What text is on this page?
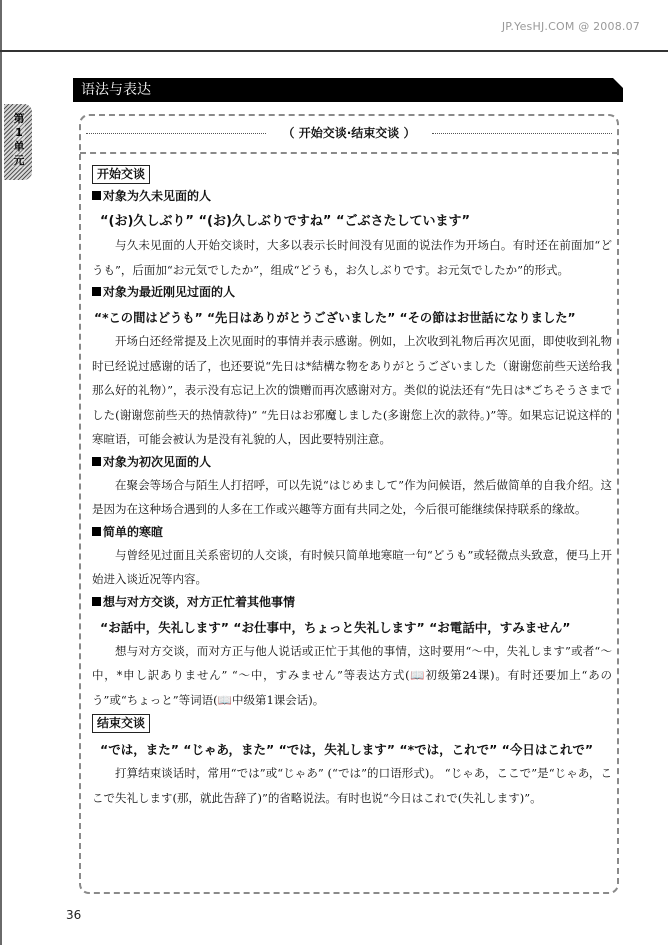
JP.YesHJ.COM @ 2008.07
第
1
单
元
语法与表达
（ 开始交谈·结束交谈 ）
开始交谈
对象为久未见面的人
“(お)久しぶり” “(お)久しぶりですね” “ごぶさたしています”

与久未见面的人开始交谈时，大多以表示长时间没有见面的说法作为开场白。有时还在前面加“どうも”，后面加“お元気でしたか”，组成“どうも，お久しぶりです。お元気でしたか”的形式。

对象为最近刚见过面的人
“*この間はどうも” “先日はありがとうございました” “その節はお世話になりました”

开场白还经常提及上次见面时的事情并表示感谢。例如，上次收到礼物后再次见面，即使收到礼物时已经说过感谢的话了，也还要说“先日は*結構な物をありがとうございました（谢谢您前些天送给我那么好的礼物）”，表示没有忘记上次的馈赠而再次感谢对方。类似的说法还有“先日は*ごちそうさまでした(谢谢您前些天的热情款待)” “先日はお邪魔しました(多谢您上次的款待。)”等。如果忘记说这样的寒暄语，可能会被认为是没有礼貌的人，因此要特别注意。

对象为初次见面的人

在聚会等场合与陌生人打招呼，可以先说“はじめまして”作为问候语，然后做简单的自我介绍。这是因为在这种场合遇到的人多在工作或兴趣等方面有共同之处，今后很可能继续保持联系的缘故。

简单的寒暄

与曾经见过面且关系密切的人交谈，有时候只简单地寒暄一句“どうも”或轻微点头致意，便马上开始进入谈近况等内容。

想与对方交谈，对方正忙着其他事情
“お話中，失礼します” “お仕事中，ちょっと失礼します” “お電話中，すみません”

想与对方交谈，而对方正与他人说话或正忙于其他的事情，这时要用“～中，失礼します”或者“～中，*申し訳ありません” “～中，すみません”等表达方式(📖初级第24课)。有时还要加上“あのう”或“ちょっと”等词语(📖中级第1课会话)。

结束交谈
“では，また” “じゃあ，また” “では，失礼します” “*では，これで” “今日はこれで”

打算结束谈话时，常用“では”或“じゃあ” (“では”的口语形式)。 “じゃあ，ここで”是“じゃあ，ここで失礼します(那，就此告辞了)”的省略说法。有时也说“今日はこれで(失礼します)”。

36
